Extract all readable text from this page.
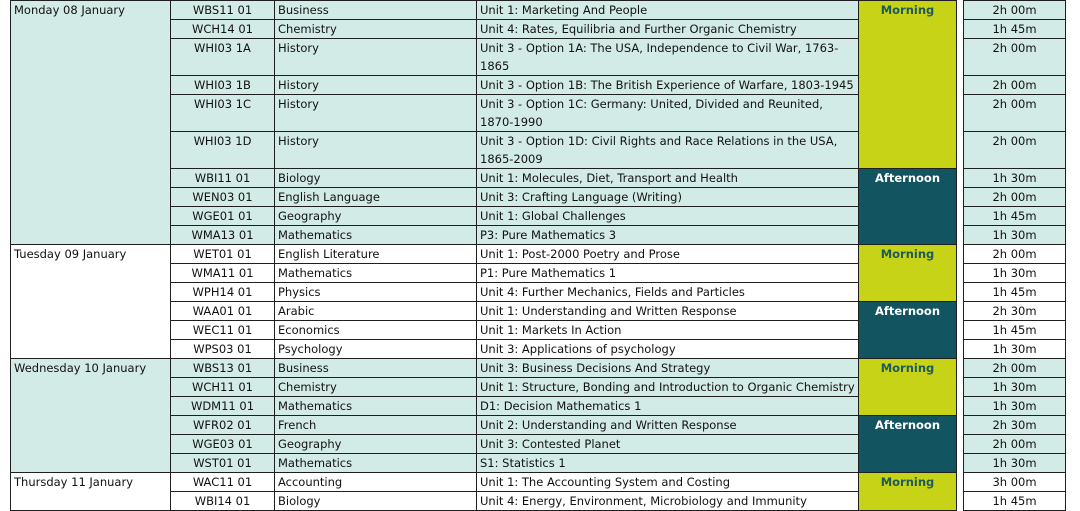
Monday 08 January	WBS11 01	Business	Unit 1: Marketing And People	Morning		2h 00m
	WCH14 01	Chemistry	Unit 4: Rates, Equilibria and Further Organic Chemistry			1h 45m
	WHI03 1A	History	Unit 3 - Option 1A: The USA, Independence to Civil War, 1763-1865			2h 00m
	WHI03 1B	History	Unit 3 - Option 1B: The British Experience of Warfare, 1803-1945			2h 00m
	WHI03 1C	History	Unit 3 - Option 1C: Germany: United, Divided and Reunited, 1870-1990			2h 00m
	WHI03 1D	History	Unit 3 - Option 1D: Civil Rights and Race Relations in the USA, 1865-2009			2h 00m
	WBI11 01	Biology	Unit 1: Molecules, Diet, Transport and Health	Afternoon		1h 30m
	WEN03 01	English Language	Unit 3: Crafting Language (Writing)			2h 00m
	WGE01 01	Geography	Unit 1: Global Challenges			1h 45m
	WMA13 01	Mathematics	P3: Pure Mathematics 3			1h 30m
Tuesday 09 January	WET01 01	English Literature	Unit 1: Post-2000 Poetry and Prose	Morning		2h 00m
	WMA11 01	Mathematics	P1: Pure Mathematics 1			1h 30m
	WPH14 01	Physics	Unit 4: Further Mechanics, Fields and Particles			1h 45m
	WAA01 01	Arabic	Unit 1: Understanding and Written Response	Afternoon		2h 30m
	WEC11 01	Economics	Unit 1: Markets In Action			1h 45m
	WPS03 01	Psychology	Unit 3: Applications of psychology			1h 30m
Wednesday 10 January	WBS13 01	Business	Unit 3: Business Decisions And Strategy	Morning		2h 00m
	WCH11 01	Chemistry	Unit 1: Structure, Bonding and Introduction to Organic Chemistry			1h 30m
	WDM11 01	Mathematics	D1: Decision Mathematics 1			1h 30m
	WFR02 01	French	Unit 2: Understanding and Written Response	Afternoon		2h 30m
	WGE03 01	Geography	Unit 3: Contested Planet			2h 00m
	WST01 01	Mathematics	S1: Statistics 1			1h 30m
Thursday 11 January	WAC11 01	Accounting	Unit 1: The Accounting System and Costing	Morning		3h 00m
	WBI14 01	Biology	Unit 4: Energy, Environment, Microbiology and Immunity			1h 45m
